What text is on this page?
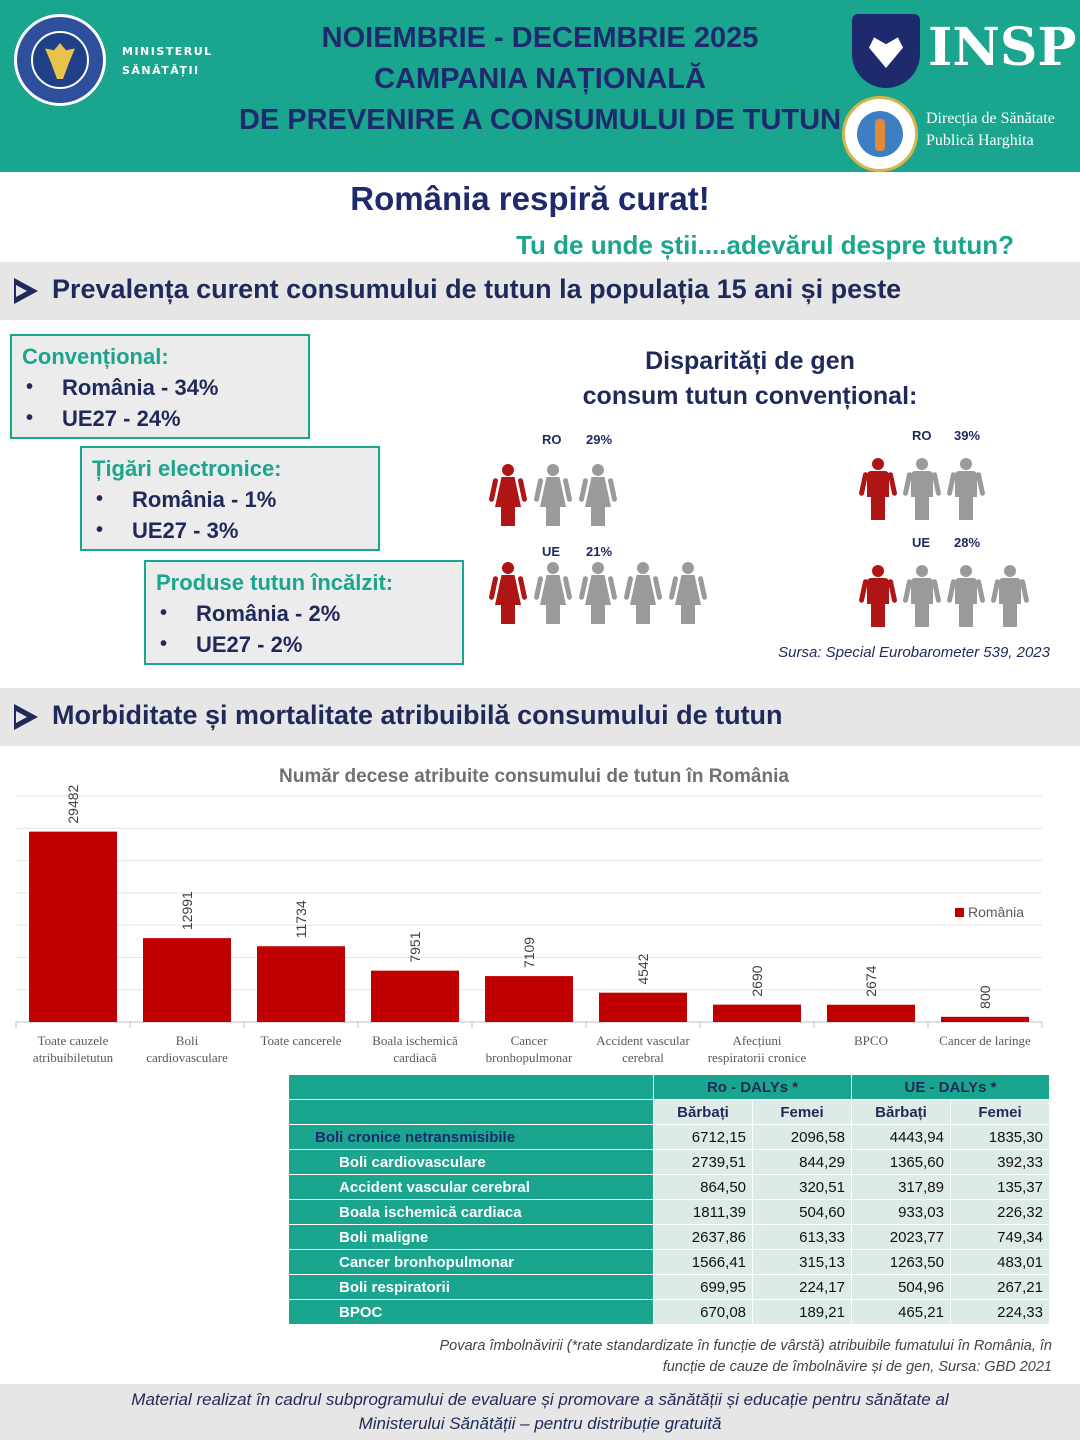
MINISTERUL
SĂNĂTĂȚII
NOIEMBRIE - DECEMBRIE 2025
CAMPANIA NAȚIONALĂ
DE PREVENIRE A CONSUMULUI DE TUTUN
INSP
Direcția de Sănătate
Publică Harghita
România respiră curat!
Tu de unde știi....adevărul despre tutun?
Prevalența curent consumului de tutun la populația 15 ani și peste
Convențional:
• România - 34%
• UE27 - 24%
Țigări electronice:
• România - 1%
• UE27 - 3%
Produse tutun încălzit:
• România - 2%
• UE27 - 2%
Disparități de gen
consum tutun convențional:
RO 29%
UE 21%
RO 39%
UE 28%
Sursa: Special Eurobarometer 539, 2023
Morbiditate și mortalitate atribuibilă consumului de tutun
Număr decese atribuite consumului de tutun în România
29482
Toate cauzele
atribuibiletutun
12991
Boli
cardiovasculare
11734
Toate cancerele
7951
Boala ischemică
cardiacă
7109
Cancer
bronhopulmonar
4542
Accident vascular
cerebral
2690
Afecțiuni
respiratorii cronice
2674
BPCO
800
Cancer de laringe
România
	Ro - DALYs *		UE - DALYs *	
	Bărbați	Femei	Bărbați	Femei
Boli cronice netransmisibile	6712,15	2096,58	4443,94	1835,30
Boli cardiovasculare	2739,51	844,29	1365,60	392,33
Accident vascular cerebral	864,50	320,51	317,89	135,37
Boala ischemică cardiaca	1811,39	504,60	933,03	226,32
Boli maligne	2637,86	613,33	2023,77	749,34
Cancer bronhopulmonar	1566,41	315,13	1263,50	483,01
Boli respiratorii	699,95	224,17	504,96	267,21
BPOC	670,08	189,21	465,21	224,33
Povara îmbolnăvirii (*rate standardizate în funcție de vârstă) atribuibile fumatului în România, în
funcție de cauze de îmbolnăvire și de gen, Sursa: GBD 2021
Material realizat în cadrul subprogramului de evaluare și promovare a sănătății și educație pentru sănătate al
Ministerului Sănătății – pentru distribuție gratuită
